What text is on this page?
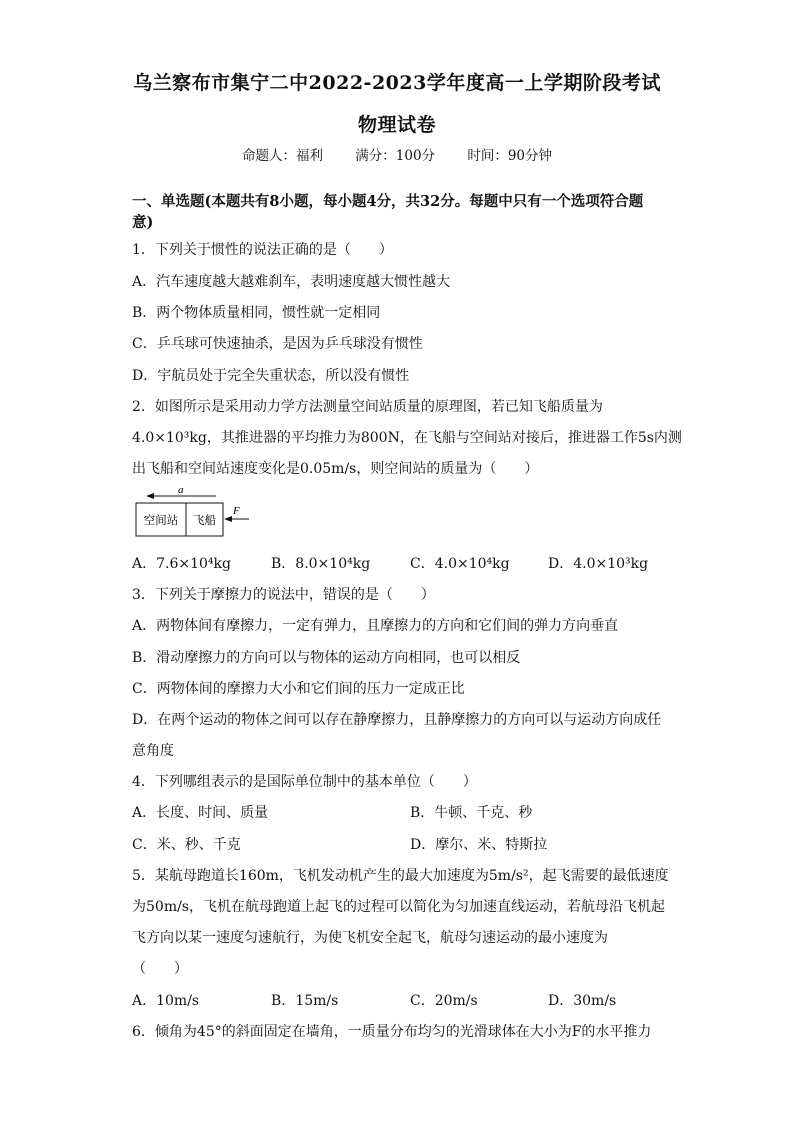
乌兰察布市集宁二中2022-2023学年度高一上学期阶段考试
物理试卷
命题人：福利 满分：100分 时间：90分钟
一、单选题(本题共有8小题，每小题4分，共32分。每题中只有一个选项符合题意)
1．下列关于惯性的说法正确的是（　　）
A．汽车速度越大越难刹车，表明速度越大惯性越大
B．两个物体质量相同，惯性就一定相同
C．乒乓球可快速抽杀，是因为乒乓球没有惯性
D．宇航员处于完全失重状态，所以没有惯性
2．如图所示是采用动力学方法测量空间站质量的原理图，若已知飞船质量为
4.0×10³kg，其推进器的平均推力为800N，在飞船与空间站对接后，推进器工作5s内测
出飞船和空间站速度变化是0.05m/s，则空间站的质量为（　　）
a
空间站 飞船
F
A．7.6×10⁴kg	B．8.0×10⁴kg	C．4.0×10⁴kg	D．4.0×10³kg
3．下列关于摩擦力的说法中，错误的是（　　）
A．两物体间有摩擦力，一定有弹力，且摩擦力的方向和它们间的弹力方向垂直
B．滑动摩擦力的方向可以与物体的运动方向相同，也可以相反
C．两物体间的摩擦力大小和它们间的压力一定成正比
D．在两个运动的物体之间可以存在静摩擦力，且静摩擦力的方向可以与运动方向成任
意角度
4．下列哪组表示的是国际单位制中的基本单位（　　）
A．长度、时间、质量	B．牛顿、千克、秒
C．米、秒、千克	D．摩尔、米、特斯拉
5．某航母跑道长160m，飞机发动机产生的最大加速度为5m/s²，起飞需要的最低速度
为50m/s，飞机在航母跑道上起飞的过程可以简化为匀加速直线运动，若航母沿飞机起
飞方向以某一速度匀速航行，为使飞机安全起飞，航母匀速运动的最小速度为
（　　）
A．10m/s	B．15m/s	C．20m/s	D．30m/s
6．倾角为45°的斜面固定在墙角，一质量分布均匀的光滑球体在大小为F的水平推力
